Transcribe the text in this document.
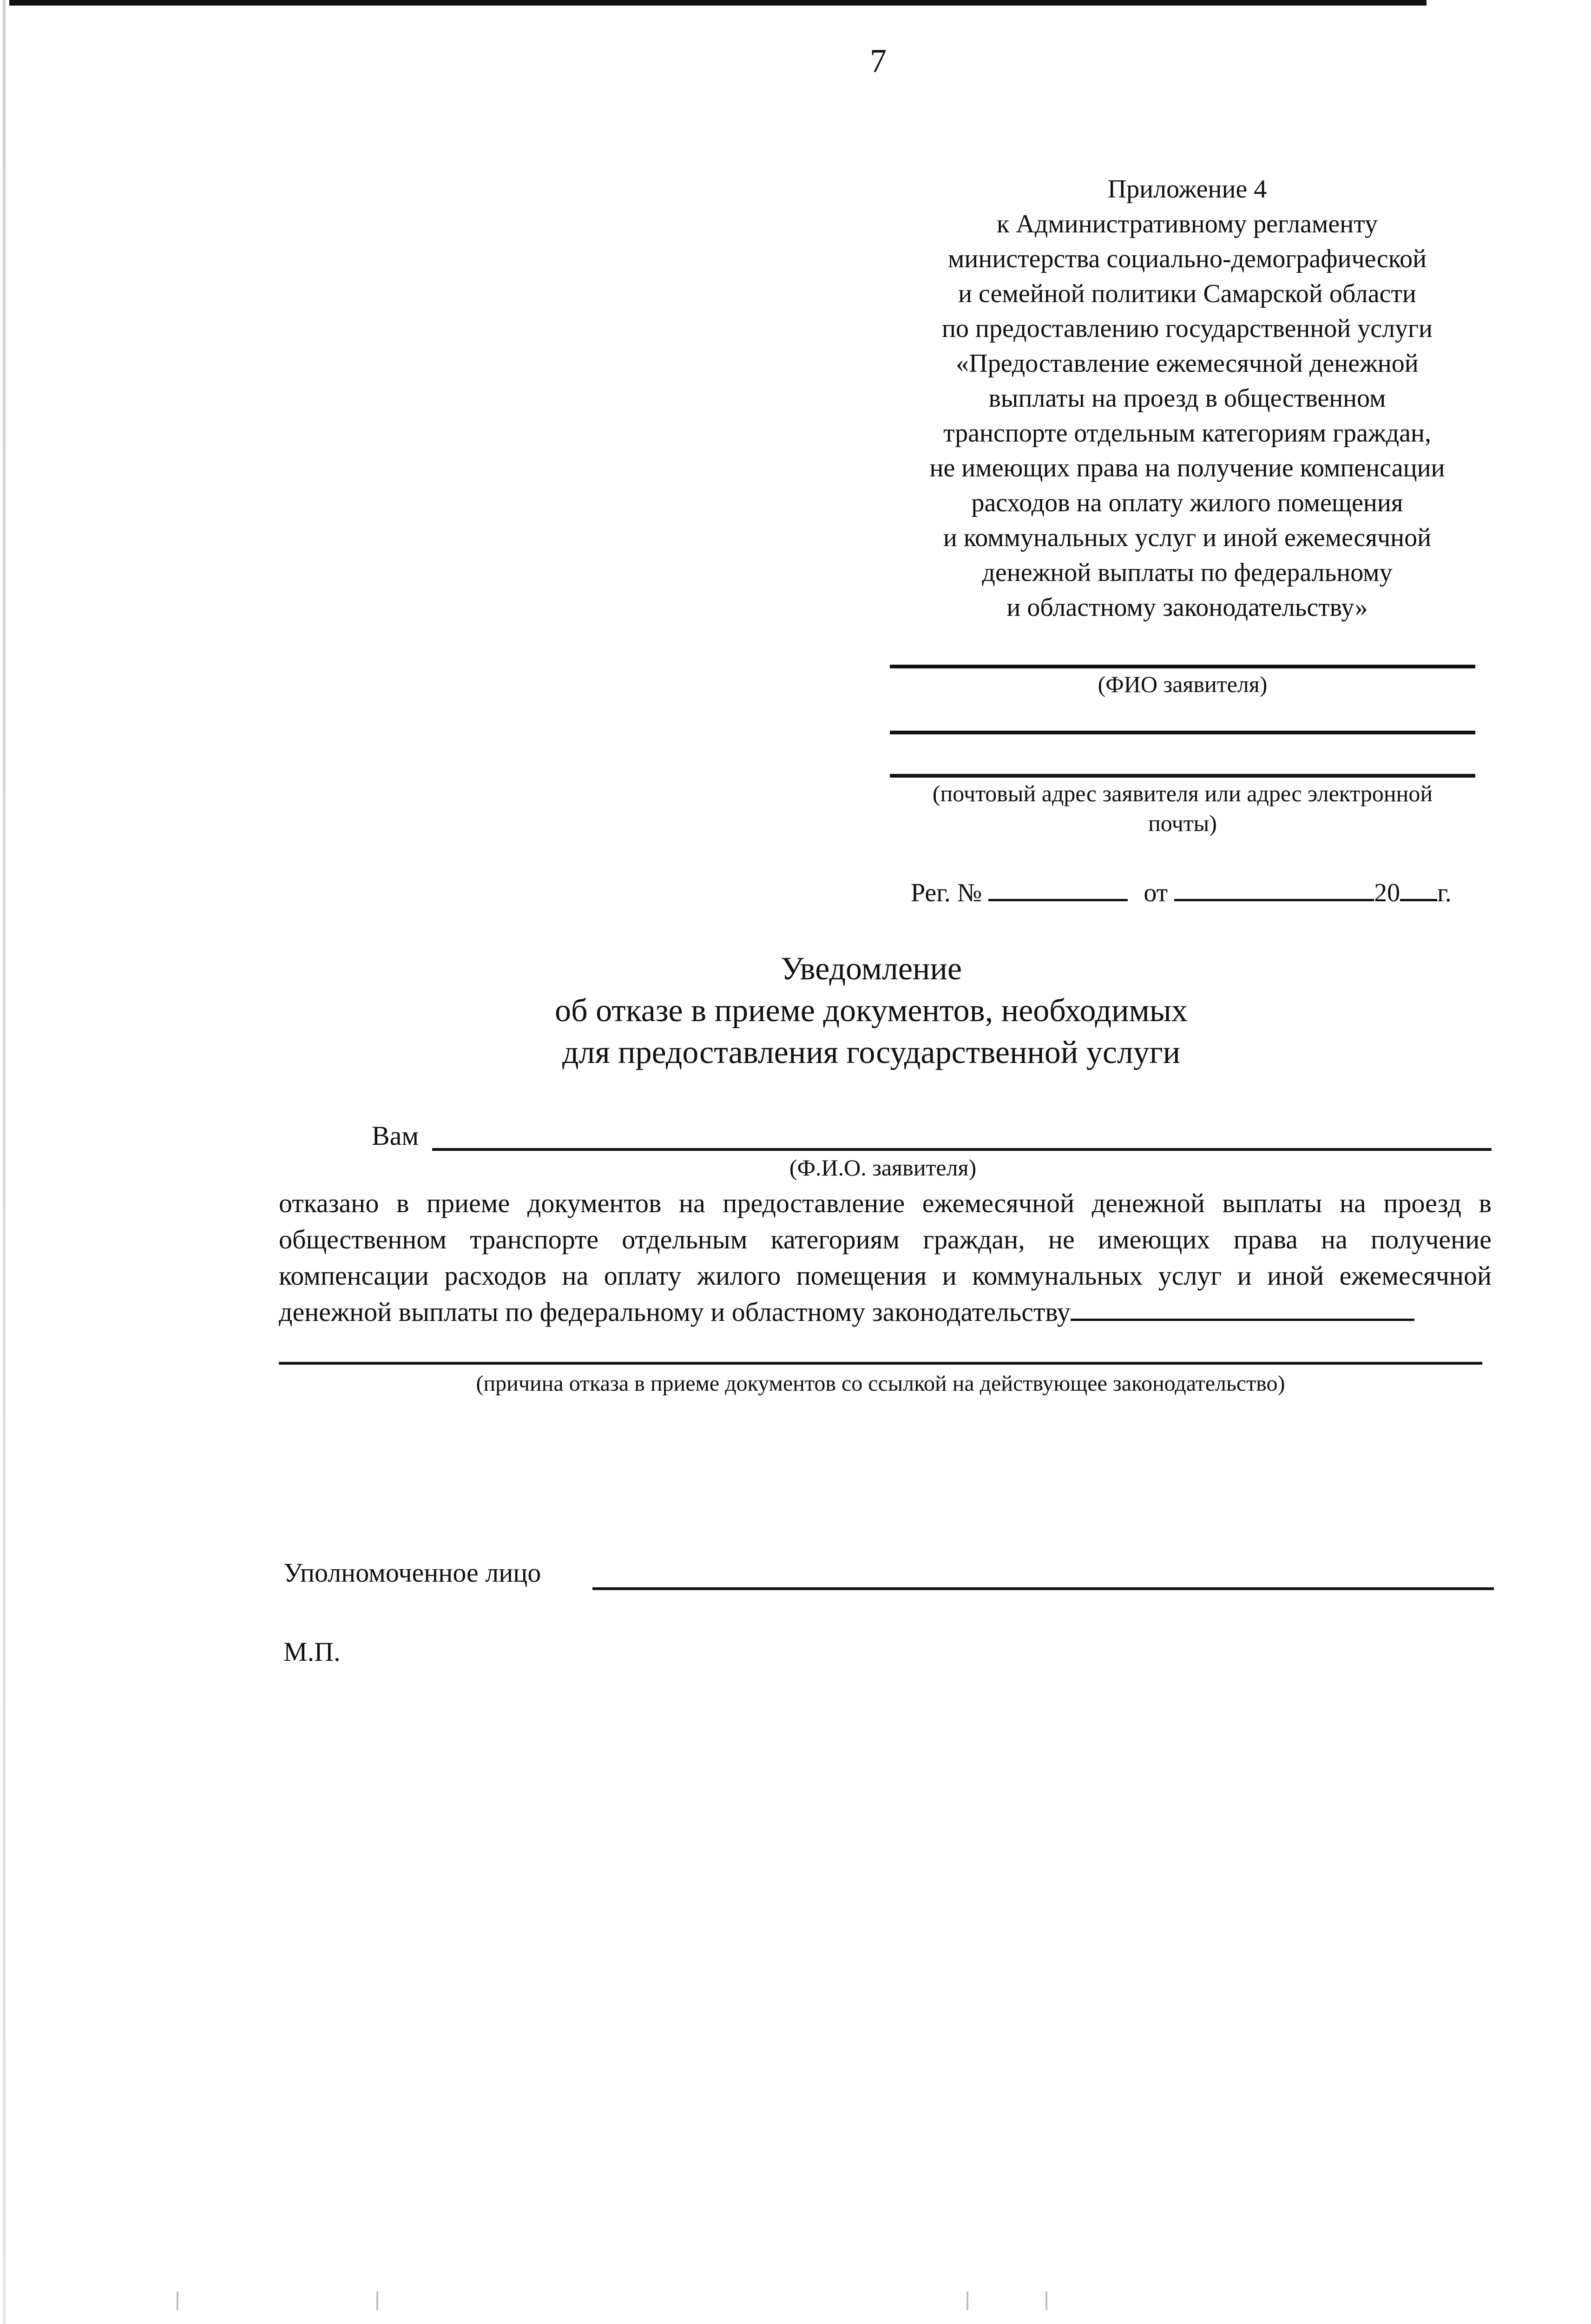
7
Приложение 4
к Административному регламенту
министерства социально-демографической
и семейной политики Самарской области
по предоставлению государственной услуги
«Предоставление ежемесячной денежной
выплаты на проезд в общественном
транспорте отдельным категориям граждан,
не имеющих права на получение компенсации
расходов на оплату жилого помещения
и коммунальных услуг и иной ежемесячной
денежной выплаты по федеральному
и областному законодательству»
(ФИО заявителя)
(почтовый адрес заявителя или адрес электронной
почты)
Рег. №	от	20 г.
Уведомление
об отказе в приеме документов, необходимых
для предоставления государственной услуги
Вам
(Ф.И.О. заявителя)
отказано в приеме документов на предоставление ежемесячной денежной выплаты на проезд в общественном транспорте отдельным категориям граждан, не имеющих права на получение компенсации расходов на оплату жилого помещения и коммунальных услуг и иной ежемесячной денежной выплаты по федеральному и областному законодательству
(причина отказа в приеме документов со ссылкой на действующее законодательство)
Уполномоченное лицо
М.П.
